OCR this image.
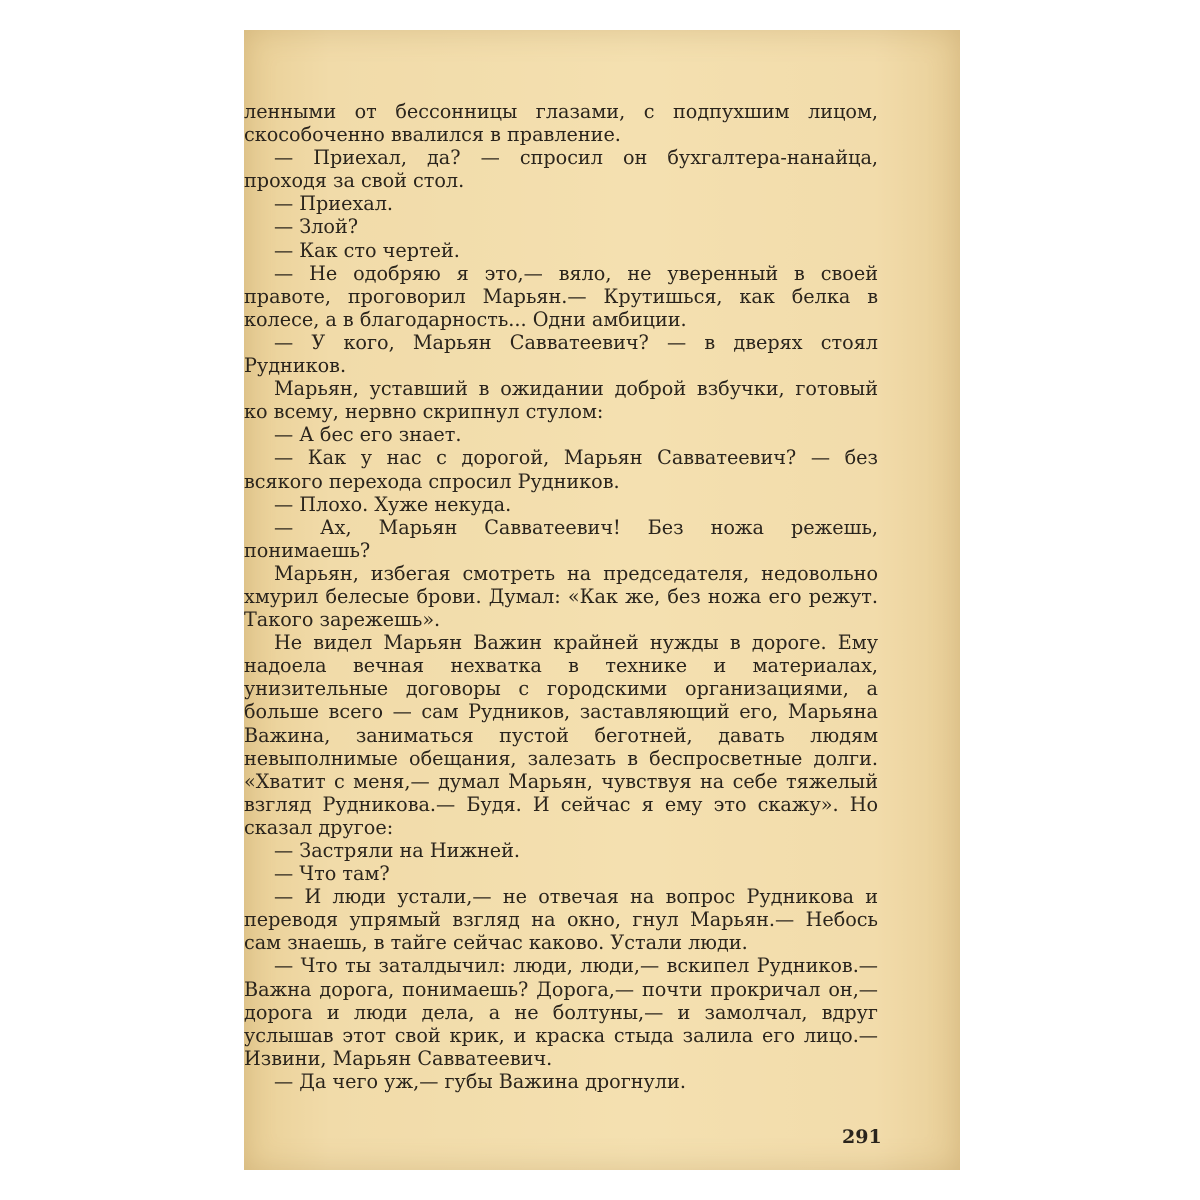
ленными от бессонницы глазами, с подпухшим лицом, скособоченно ввалился в правление.

— Приехал, да? — спросил он бухгалтера-нанайца, проходя за свой стол.

— Приехал.

— Злой?

— Как сто чертей.

— Не одобряю я это,— вяло, не уверенный в своей правоте, проговорил Марьян.— Крутишься, как белка в колесе, а в благодарность... Одни амбиции.

— У кого, Марьян Савватеевич? — в дверях стоял Рудников.

Марьян, уставший в ожидании доброй взбучки, готовый ко всему, нервно скрипнул стулом:

— А бес его знает.

— Как у нас с дорогой, Марьян Савватеевич? — без всякого перехода спросил Рудников.

— Плохо. Хуже некуда.

— Ах, Марьян Савватеевич! Без ножа режешь, понимаешь?

Марьян, избегая смотреть на председателя, недовольно хмурил белесые брови. Думал: «Как же, без ножа его режут. Такого зарежешь».

Не видел Марьян Важин крайней нужды в дороге. Ему надоела вечная нехватка в технике и материалах, унизительные договоры с городскими организациями, а больше всего — сам Рудников, заставляющий его, Марьяна Важина, заниматься пустой беготней, давать людям невыполнимые обещания, залезать в беспросветные долги. «Хватит с меня,— думал Марьян, чувствуя на себе тяжелый взгляд Рудникова.— Будя. И сейчас я ему это скажу». Но сказал другое:

— Застряли на Нижней.

— Что там?

— И люди устали,— не отвечая на вопрос Рудникова и переводя упрямый взгляд на окно, гнул Марьян.— Небось сам знаешь, в тайге сейчас каково. Устали люди.

— Что ты заталдычил: люди, люди,— вскипел Рудников.— Важна дорога, понимаешь? Дорога,— почти прокричал он,— дорога и люди дела, а не болтуны,— и замолчал, вдруг услышав этот свой крик, и краска стыда залила его лицо.— Извини, Марьян Савватеевич.

— Да чего уж,— губы Важина дрогнули.

291
